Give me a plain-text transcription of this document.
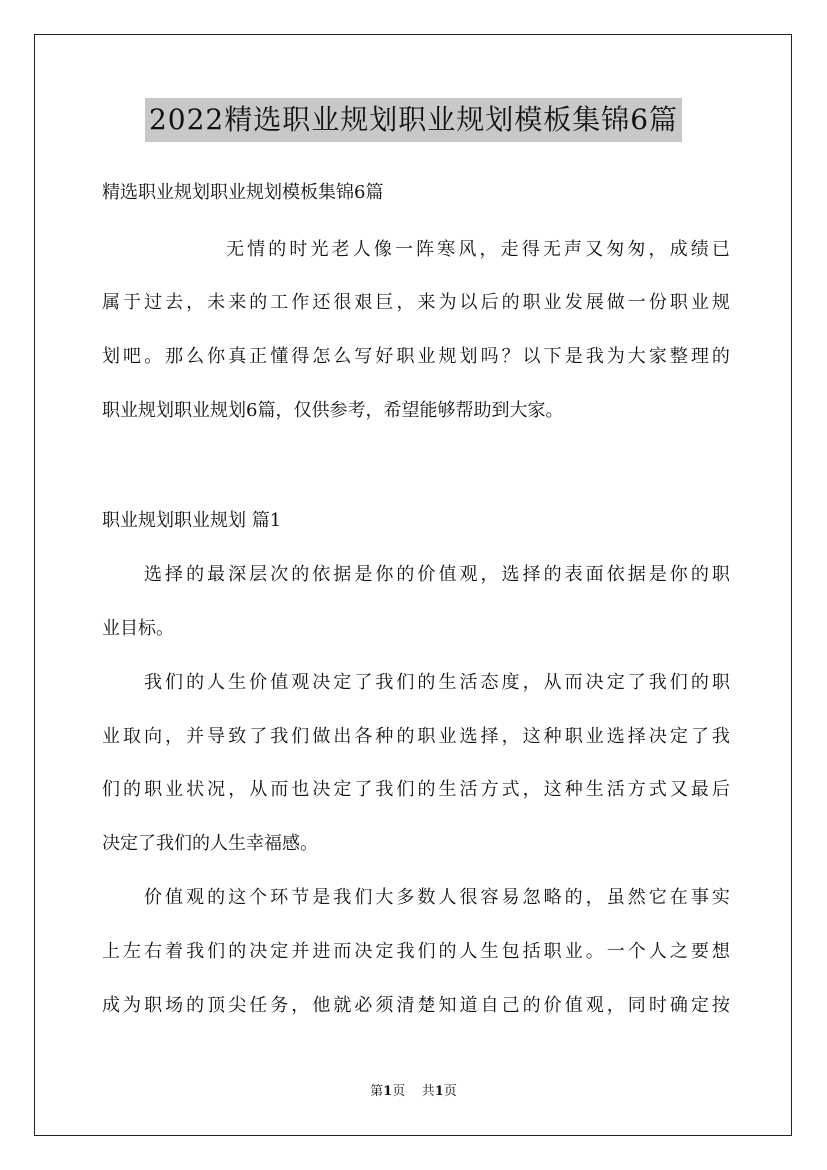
2022精选职业规划职业规划模板集锦6篇

精选职业规划职业规划模板集锦6篇

无 情 的 时 光 老 人 像 一 阵 寒 风 ， 走 得 无 声 又 匆 匆 ， 成 绩 已

属 于 过 去 ， 未 来 的 工 作 还 很 艰 巨 ， 来 为 以 后 的 职 业 发 展 做 一 份 职 业 规

划 吧 。 那 么 你 真 正 懂 得 怎 么 写 好 职 业 规 划 吗 ？ 以 下 是 我 为 大 家 整 理 的

职业规划职业规划6篇，仅供参考，希望能够帮助到大家。

职业规划职业规划 篇1

选 择 的 最 深 层 次 的 依 据 是 你 的 价 值 观 ， 选 择 的 表 面 依 据 是 你 的 职

业目标。

我 们 的 人 生 价 值 观 决 定 了 我 们 的 生 活 态 度 ， 从 而 决 定 了 我 们 的 职

业 取 向 ， 并 导 致 了 我 们 做 出 各 种 的 职 业 选 择 ， 这 种 职 业 选 择 决 定 了 我

们 的 职 业 状 况 ， 从 而 也 决 定 了 我 们 的 生 活 方 式 ， 这 种 生 活 方 式 又 最 后

决定了我们的人生幸福感。

价 值 观 的 这 个 环 节 是 我 们 大 多 数 人 很 容 易 忽 略 的 ， 虽 然 它 在 事 实

上 左 右 着 我 们 的 决 定 并 进 而 决 定 我 们 的 人 生 包 括 职 业 。 一 个 人 之 要 想

成 为 职 场 的 顶 尖 任 务 ， 他 就 必 须 清 楚 知 道 自 己 的 价 值 观 ， 同 时 确 定 按

第1页 共1页
